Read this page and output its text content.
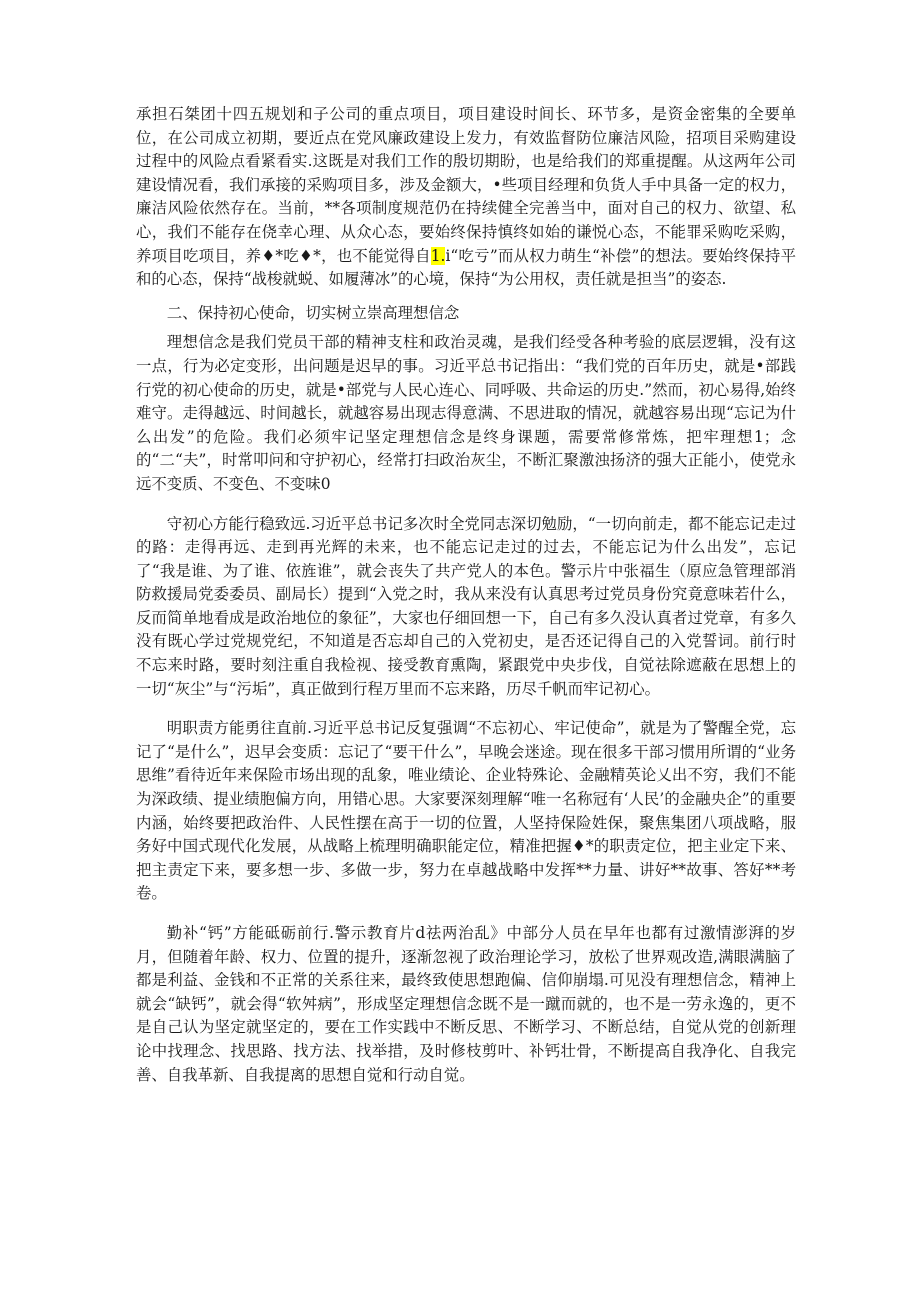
承担石桀团十四五规划和子公司的重点项目，项目建设时间长、环节多，是资金密集的全要单位，在公司成立初期，要近点在党风廉政建设上发力，有效监督防位廉洁风险，招项目采购建设过程中的风险点看紧看实.这既是对我们工作的殷切期盼，也是给我们的郑重提醒。从这两年公司建设情况看，我们承接的采购项目多，涉及金额大，•些项目经理和负货人手中具备一定的权力，廉洁风险依然存在。当前，**各项制度规范仍在持续健全完善当中，面对自己的权力、欲望、私心，我们不能存在侥幸心理、从众心态，要始终保持慎终如始的谦悦心态，不能罪采购吃采购，养项目吃项目，养♦*吃♦*，也不能觉得自1.i“吃亏”而从权力萌生“补偿”的想法。要始终保持平和的心态，保持“战梭就蜕、如履薄冰”的心境，保持“为公用权，责任就是担当”的姿态.

二、保持初心使命，切实树立崇高理想信念

理想信念是我们党员干部的精神支柱和政治灵魂，是我们经受各种考验的底层逻辑，没有这一点，行为必定变形，出问题是迟早的事。习近平总书记指出：“我们党的百年历史，就是•部践行党的初心使命的历史，就是•部党与人民心连心、同呼吸、共命运的历史.”然而，初心易得,始终难守。走得越远、时间越长，就越容易出现志得意满、不思进取的情况，就越容易出现“忘记为什么出发”的危险。我们必须牢记坚定理想信念是终身课题，需要常修常炼，把牢理想1；念的“二“夫”，时常叩问和守护初心，经常打扫政治灰尘，不断汇聚激浊扬济的强大正能小，使党永远不变质、不变色、不变味0

守初心方能行稳致远.习近平总书记多次时全党同志深切勉励，“一切向前走，都不能忘记走过的路：走得再远、走到再光辉的未来，也不能忘记走过的过去，不能忘记为什么出发”，忘记了“我是谁、为了谁、依旌谁”，就会丧失了共产党人的本色。警示片中张福生（原应急管理部消防救援局党委委员、副局长）提到“入党之时，我从来没有认真思考过党员身份究竟意味若什么，反而简单地看成是政治地位的象征”，大家也仔细回想一下，自己有多久没认真者过党章，有多久没有既心学过党规党纪，不知道是否忘却自己的入党初史，是否还记得自己的入党誓词。前行时不忘来时路，要时刻注重自我检视、接受教育熏陶，紧跟党中央步伐，自觉祛除遮蔽在思想上的一切“灰尘”与“污垢”，真正做到行程万里而不忘来路，历尽千帆而牢记初心。

明职责方能勇往直前.习近平总书记反复强调“不忘初心、牢记使命”，就是为了警醒全党，忘记了“是什么”，迟早会变质：忘记了“要干什么”，早晚会迷途。现在很多干部习惯用所谓的“业务思维”看待近年来保险市场出现的乱象，唯业绩论、企业特殊论、金融精英论乂出不穷，我们不能为深政绩、提业绩胞偏方向，用错心思。大家要深刻理解“唯一名称冠有‘人民’的金融央企”的重要内涵，始终要把政治件、人民性摆在高于一切的位置，人坚持保险姓保，聚焦集团八项战略，服务好中国式现代化发展，从战略上梳理明确职能定位，精准把握♦*的职责定位，把主业定下来、把主责定下来，要多想一步、多做一步，努力在卓越战略中发挥**力量、讲好**故事、答好**考卷。

勤补“钙”方能砥砺前行.警示教育片d祛两治乱》中部分人员在早年也都有过激情澎湃的岁月，但随着年龄、权力、位置的提升，逐渐忽视了政治理论学习，放松了世界观改造,满眼满脑了都是利益、金钱和不正常的关系往来，最终致使思想跑偏、信仰崩塌.可见没有理想信念，精神上就会“缺钙”，就会得“软舛病”，形成坚定理想信念既不是一蹴而就的，也不是一劳永逸的，更不是自己认为坚定就坚定的，要在工作实践中不断反思、不断学习、不断总结，自觉从党的创新理论中找理念、找思路、找方法、找举措，及时修枝剪叶、补钙壮骨，不断提高自我净化、自我完善、自我革新、自我提离的思想自觉和行动自觉。
